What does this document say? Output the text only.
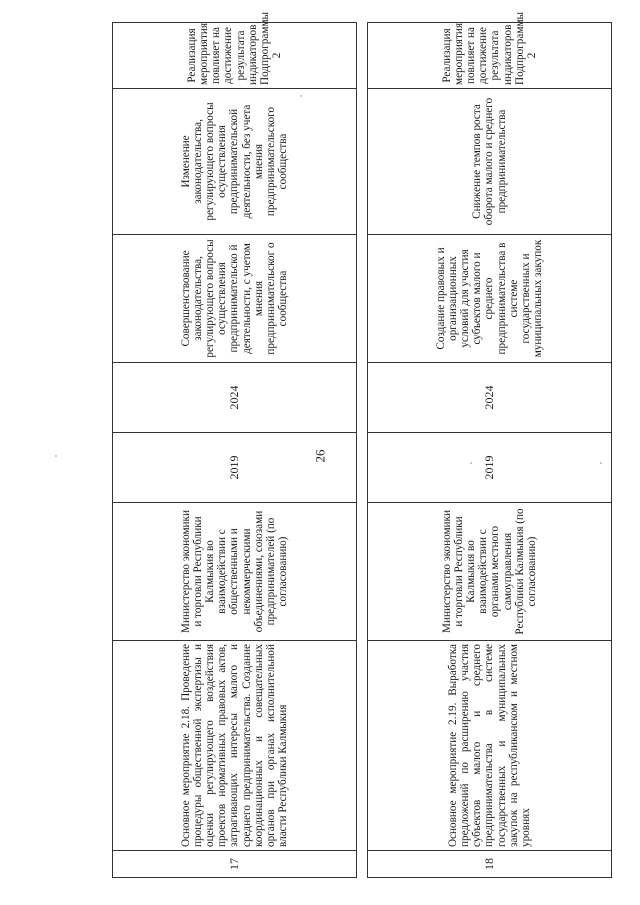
26
17	Основное мероприятие 2.18. Проведение процедуры общественной экспертизы и оценки регулирующего воздействия проектов нормативных правовых актов, затрагивающих интересы малого и среднего предпринимательства. Создание координационных и совещательных органов при органах исполнительной власти Республики Калмыкия	Министерство экономики и торговли Республики Калмыкия во взаимодействии с общественными и некоммерческими объединениями, союзами предпринимателей (по согласованию)	2019	2024	Совершенствование законодательства, регулирующего вопросы осуществления предпринимательско й деятельности, с учетом мнения предпринимательског о сообщества	Изменение законодательства, регулирующего вопросы осуществления предпринимательской деятельности, без учета мнения предпринимательского сообщества	Реализация мероприятия повлияет на достижение результата индикаторов Подпрограммы 2

18	Основное мероприятие 2.19. Выработка предложений по расширению участия субъектов малого и среднего предпринимательства в системе государственных и муниципальных закупок на республиканском и местном уровнях	Министерство экономики и торговли Республики Калмыкия во взаимодействии с органами местного самоуправления Республики Калмыкия (по согласованию)	2019	2024	Создание правовых и организационных условий для участия субъектов малого и среднего предпринимательства в системе государственных и муниципальных закупок	Снижение темпов роста оборота малого и среднего предпринимательства	Реализация мероприятия повлияет на достижение результата индикаторов Подпрограммы 2
